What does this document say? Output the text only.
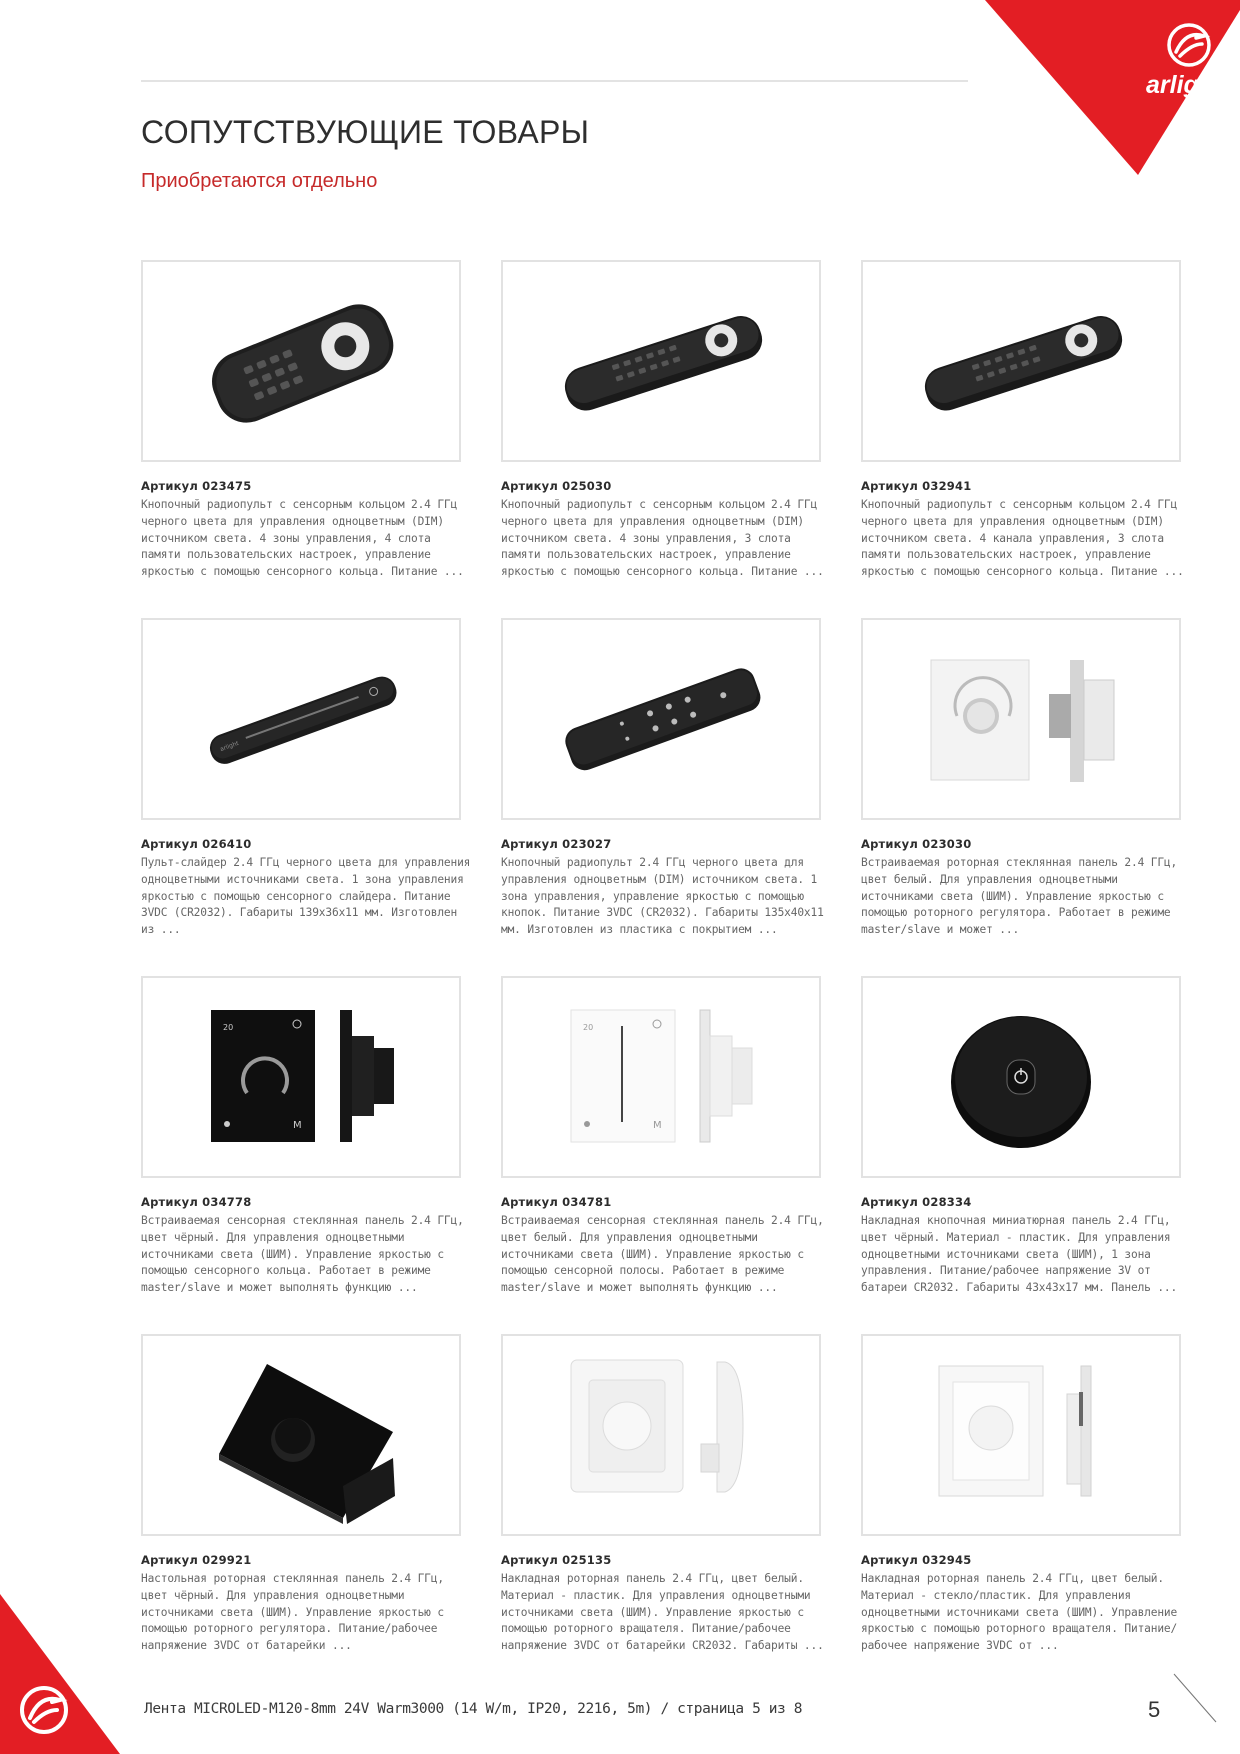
arlight
СОПУТСТВУЮЩИЕ ТОВАРЫ
Приобретаются отдельно
Артикул 023475
Кнопочный радиопульт с сенсорным кольцом 2.4 ГГц черного цвета для управления одноцветным (DIM) источником света. 4 зоны управления, 4 слота памяти пользовательских настроек, управление яркостью с помощью сенсорного кольца. Питание ...
Артикул 025030
Кнопочный радиопульт с сенсорным кольцом 2.4 ГГц черного цвета для управления одноцветным (DIM) источником света. 4 зоны управления, 3 слота памяти пользовательских настроек, управление яркостью с помощью сенсорного кольца. Питание ...
Артикул 032941
Кнопочный радиопульт с сенсорным кольцом 2.4 ГГц черного цвета для управления одноцветным (DIM) источником света. 4 канала управления, 3 слота памяти пользовательских настроек, управление яркостью с помощью сенсорного кольца. Питание ...
arlight
Артикул 026410
Пульт-слайдер 2.4 ГГц черного цвета для управления одноцветными источниками света. 1 зона управления яркостью с помощью сенсорного слайдера. Питание 3VDC (CR2032). Габариты 139x36x11 мм. Изготовлен из ...
Артикул 023027
Кнопочный радиопульт 2.4 ГГц черного цвета для управления одноцветным (DIM) источником света. 1 зона управления, управление яркостью с помощью кнопок. Питание 3VDC (CR2032). Габариты 135x40x11 мм. Изготовлен из пластика с покрытием ...
Артикул 023030
Встраиваемая роторная стеклянная панель 2.4 ГГц, цвет белый. Для управления одноцветными источниками света (ШИМ). Управление яркостью с помощью роторного регулятора. Работает в режиме master/slave и может ...
20
M
Артикул 034778
Встраиваемая сенсорная стеклянная панель 2.4 ГГц, цвет чёрный. Для управления одноцветными источниками света (ШИМ). Управление яркостью с помощью сенсорного кольца. Работает в режиме master/slave и может выполнять функцию ...
20
M
Артикул 034781
Встраиваемая сенсорная стеклянная панель 2.4 ГГц, цвет белый. Для управления одноцветными источниками света (ШИМ). Управление яркостью с помощью сенсорной полосы. Работает в режиме master/slave и может выполнять функцию ...
Артикул 028334
Накладная кнопочная миниатюрная панель 2.4 ГГц, цвет чёрный. Материал - пластик. Для управления одноцветными источниками света (ШИМ), 1 зона управления. Питание/рабочее напряжение 3V от батареи CR2032. Габариты 43x43x17 мм. Панель ...
Артикул 029921
Настольная роторная стеклянная панель 2.4 ГГц, цвет чёрный. Для управления одноцветными источниками света (ШИМ). Управление яркостью с помощью роторного регулятора. Питание/рабочее напряжение 3VDC от батарейки ...
Артикул 025135
Накладная роторная панель 2.4 ГГц, цвет белый. Материал - пластик. Для управления одноцветными источниками света (ШИМ). Управление яркостью с помощью роторного вращателя. Питание/рабочее напряжение 3VDC от батарейки CR2032. Габариты ...
Артикул 032945
Накладная роторная панель 2.4 ГГц, цвет белый. Материал - стекло/пластик. Для управления одноцветными источниками света (ШИМ). Управление яркостью с помощью роторного вращателя. Питание/рабочее напряжение 3VDC от ...
Лента MICROLED-M120-8mm 24V Warm3000 (14 W/m, IP20, 2216, 5m) / страница 5 из 8	5
